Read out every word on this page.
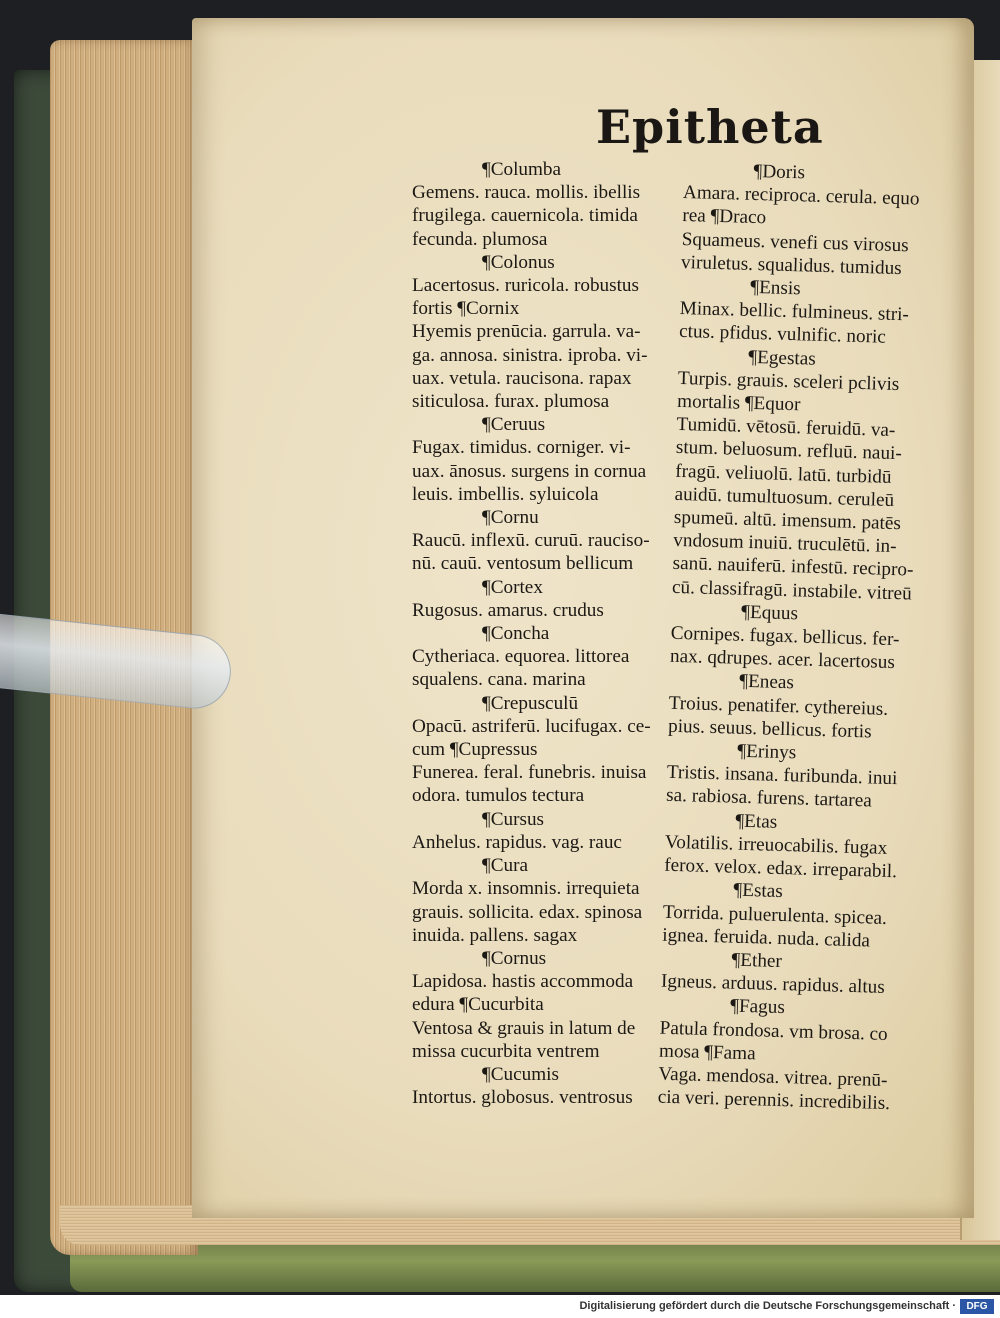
Epitheta
¶Columba
Gemens. rauca. mollis. ibellis
frugilega. cauernicola. timida
fecunda. plumosa
¶Colonus
Lacertosus. ruricola. robustus
fortis ¶Cornix
Hyemis prenūcia. garrula. va-
ga. annosa. sinistra. iproba. vi-
uax. vetula. raucisona. rapax
siticulosa. furax. plumosa
¶Ceruus
Fugax. timidus. corniger. vi-
uax. ānosus. surgens in cornua
leuis. imbellis. syluicola
¶Cornu
Raucū. inflexū. curuū. rauciso-
nū. cauū. ventosum bellicum
¶Cortex
Rugosus. amarus. crudus
¶Concha
Cytheriaca. equorea. littorea
squalens. cana. marina
¶Crepusculū
Opacū. astriferū. lucifugax. ce-
cum ¶Cupressus
Funerea. feral. funebris. inuisa
odora. tumulos tectura
¶Cursus
Anhelus. rapidus. vag. rauc
¶Cura
Morda x. insomnis. irrequieta
grauis. sollicita. edax. spinosa
inuida. pallens. sagax
¶Cornus
Lapidosa. hastis accommoda
edura ¶Cucurbita
Ventosa & grauis in latum de
missa cucurbita ventrem
¶Cucumis
Intortus. globosus. ventrosus
¶Doris
Amara. reciproca. cerula. equo
rea ¶Draco
Squameus. venefi cus virosus
viruletus. squalidus. tumidus
¶Ensis
Minax. bellic. fulmineus. stri-
ctus. pfidus. vulnific. noric
¶Egestas
Turpis. grauis. sceleri pclivis
mortalis ¶Equor
Tumidū. vētosū. feruidū. va-
stum. beluosum. refluū. naui-
fragū. veliuolū. latū. turbidū
auidū. tumultuosum. ceruleū
spumeū. altū. imensum. patēs
vndosum inuiū. truculētū. in-
sanū. nauiferū. infestū. recipro-
cū. classifragū. instabile. vitreū
¶Equus
Cornipes. fugax. bellicus. fer-
nax. qdrupes. acer. lacertosus
¶Eneas
Troius. penatifer. cythereius.
pius. seuus. bellicus. fortis
¶Erinys
Tristis. insana. furibunda. inui
sa. rabiosa. furens. tartarea
¶Etas
Volatilis. irreuocabilis. fugax
ferox. velox. edax. irreparabil.
¶Estas
Torrida. puluerulenta. spicea.
ignea. feruida. nuda. calida
¶Ether
Igneus. arduus. rapidus. altus
¶Fagus
Patula frondosa. vm brosa. co
mosa ¶Fama
Vaga. mendosa. vitrea. prenū-
cia veri. perennis. incredibilis.
Digitalisierung gefördert durch die Deutsche Forschungsgemeinschaft ·	DFG
